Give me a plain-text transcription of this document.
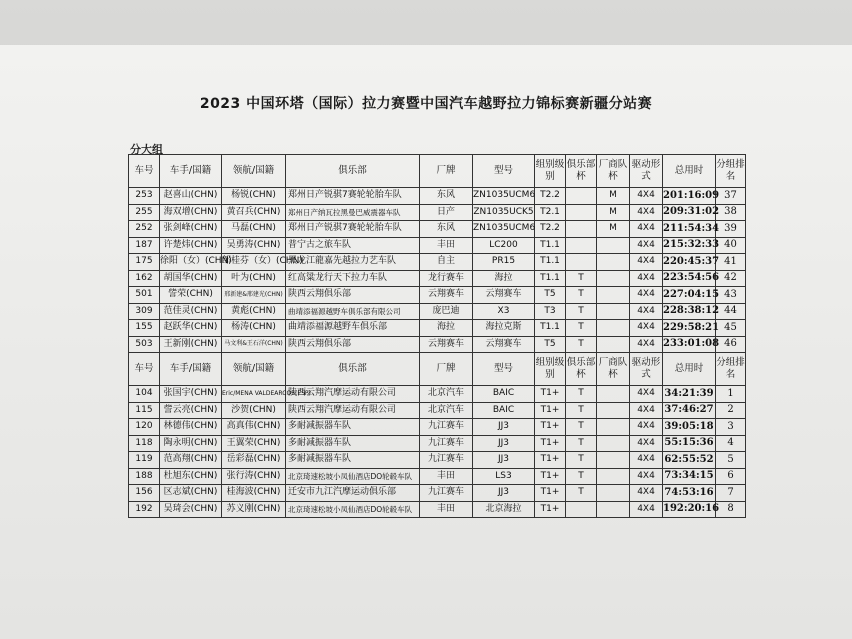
2023 中国环塔（国际）拉力赛暨中国汽车越野拉力锦标赛新疆分站赛
分大组
车号	车手/国籍	领航/国籍	俱乐部	厂牌	型号	组别级别	俱乐部杯	厂商队杯	驱动形式	总用时	分组排名
253	赵喜山(CHN)	杨锐(CHN)	郑州日产锐骐7赛轮轮胎车队	东风	ZN1035UCM6	T2.2		M	4X4	201:16:09	37
255	海双增(CHN)	黄召兵(CHN)	郑州日产纳瓦拉黑曼巴威震器车队	日产	ZN1035UCK5	T2.1		M	4X4	209:31:02	38
252	张剑峰(CHN)	马磊(CHN)	郑州日产锐骐7赛轮轮胎车队	东风	ZN1035UCM6	T2.2		M	4X4	211:54:34	39
187	许楚炜(CHN)	吴勇涛(CHN)	普宁古之旅车队	丰田	LC200	T1.1			4X4	215:32:33	40
175	徐阳（女）(CHN)	邹桂芬（女）(CHN)	黑龙江龍嘉先越拉力艺车队	自主	PR15	T1.1			4X4	220:45:37	41
162	胡国华(CHN)	叶为(CHN)	红高粱龙行天下拉力车队	龙行赛车	海拉	T1.1	T		4X4	223:54:56	42
501	訾荣(CHN)	邢新建&邢建光(CHN)	陕西云翔俱乐部	云翔赛车	云翔赛车	T5	T		4X4	227:04:15	43
309	范佳灵(CHN)	黄彪(CHN)	曲靖添福源越野车俱乐部有限公司	庞巴迪	X3	T3	T		4X4	228:38:12	44
155	赵跃华(CHN)	杨涛(CHN)	曲靖添福源越野车俱乐部	海拉	海拉克斯	T1.1	T		4X4	229:58:21	45
503	王新刚(CHN)	马文利&王石洋(CHN)	陕西云翔俱乐部	云翔赛车	云翔赛车	T5	T		4X4	233:01:08	46
车号	车手/国籍	领航/国籍	俱乐部	厂牌	型号	组别级别	俱乐部杯	厂商队杯	驱动形式	总用时	分组排名
104	张国宇(CHN)	Eric/MENA VALDEARCOS(ESP)	陕西云翔汽摩运动有限公司	北京汽车	BAIC	T1+	T		4X4	34:21:39	1
115	訾云亮(CHN)	沙贺(CHN)	陕西云翔汽摩运动有限公司	北京汽车	BAIC	T1+	T		4X4	37:46:27	2
120	林德伟(CHN)	高真伟(CHN)	多耐减振器车队	九江赛车	JJ3	T1+	T		4X4	39:05:18	3
118	陶永明(CHN)	王翼荣(CHN)	多耐减振器车队	九江赛车	JJ3	T1+	T		4X4	55:15:36	4
119	范高翔(CHN)	岳彩磊(CHN)	多耐减振器车队	九江赛车	JJ3	T1+	T		4X4	62:55:52	5
188	杜旭东(CHN)	张行涛(CHN)	北京琦速松坡小凤仙酒店DO轮毂车队	丰田	LS3	T1+	T		4X4	73:34:15	6
156	区志斌(CHN)	桂海波(CHN)	迁安市九江汽摩运动俱乐部	九江赛车	JJ3	T1+	T		4X4	74:53:16	7
192	吴琦会(CHN)	苏义刚(CHN)	北京琦速松坡小凤仙酒店DO轮毂车队	丰田	北京海拉	T1+			4X4	192:20:16	8
